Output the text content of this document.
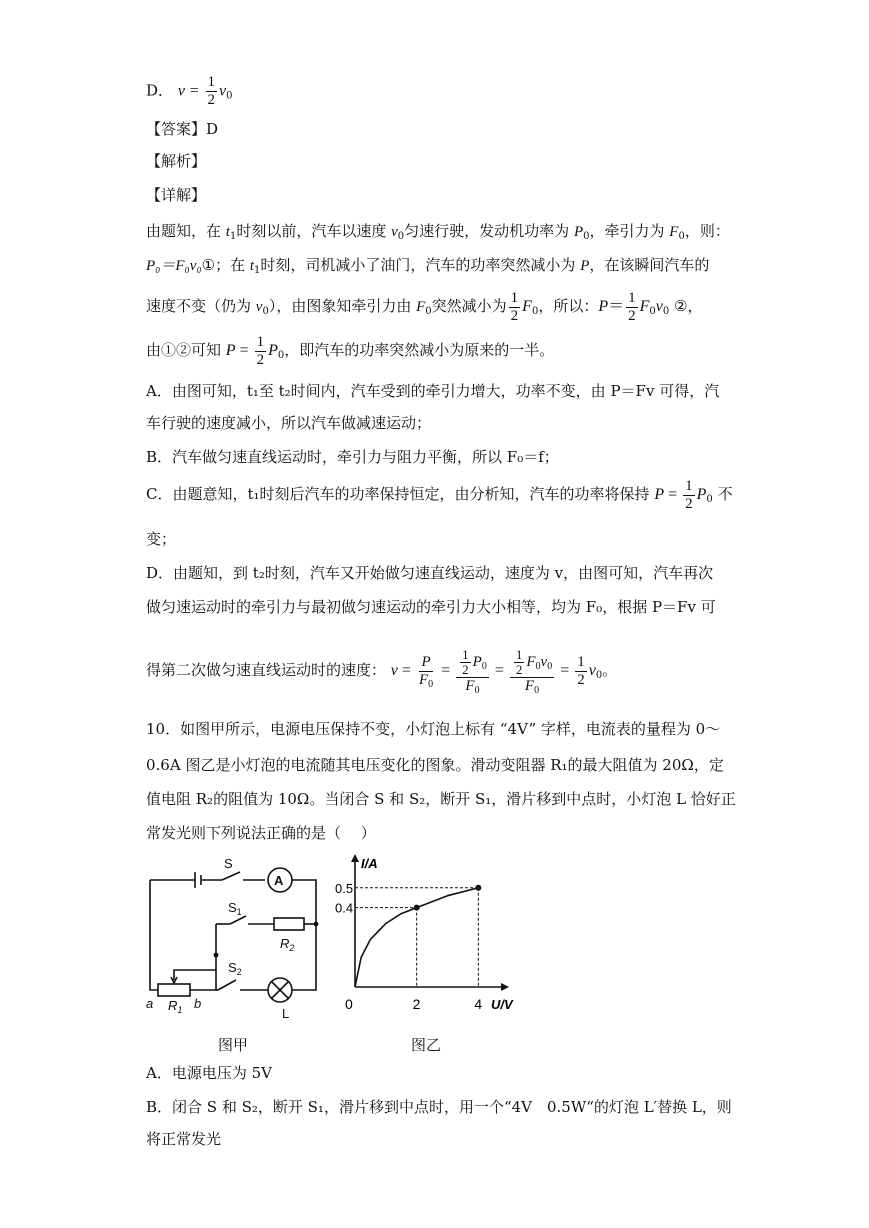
D． $v = \frac{1}{2} v_0$
【答案】D
【解析】
【详解】
由题知，在 $t_1$时刻以前，汽车以速度 $v_0$匀速行驶，发动机功率为 $P_0$，牵引力为 $F_0$，则：
P₀＝F₀v₀①；在 $t_1$时刻，司机减小了油门，汽车的功率突然减小为 P，在该瞬间汽车的
速度不变（仍为 $v_0$），由图象知牵引力由 $F_0$突然减小为 $\frac{1}{2} F_0$，所以：$P= \frac{1}{2} F_0v_0$ ②，
由①②可知 $P = \frac{1}{2} P_0$，即汽车的功率突然减小为原来的一半。
A．由图可知，t₁至 t₂时间内，汽车受到的牵引力增大，功率不变，由 P＝Fv 可得，汽
车行驶的速度减小，所以汽车做减速运动；
B．汽车做匀速直线运动时，牵引力与阻力平衡，所以 F₀＝f；
C．由题意知，t₁时刻后汽车的功率保持恒定，由分析知，汽车的功率将保持 $P = \frac{1}{2} P_0$ 不
变；
D．由题知，到 t₂时刻，汽车又开始做匀速直线运动，速度为 v，由图可知，汽车再次
做匀速运动时的牵引力与最初做匀速运动的牵引力大小相等，均为 F₀，根据 P＝Fv 可
得第二次做匀速直线运动时的速度： $v = \frac{P}{F_0} = \frac{\frac{1}{2} P_0}{F_0} = \frac{\frac{1}{2} F_0v_0}{F_0} = \frac{1}{2} v_0$。
10．如图甲所示，电源电压保持不变，小灯泡上标有 “4V” 字样，电流表的量程为 0～
0.6A 图乙是小灯泡的电流随其电压变化的图象。滑动变阻器 R₁的最大阻值为 20Ω，定
值电阻 R₂的阻值为 10Ω。当闭合 S 和 S₂，断开 S₁，滑片移到中点时，小灯泡 L 恰好正
常发光则下列说法正确的是（　 ）
S
A
$S_1$
$R_2$
$S_2$
a $R_1$ b
L
I/A
U/V
0	2	4
0.4
0.5
图甲	图乙
A．电源电压为 5V
B．闭合 S 和 S₂，断开 S₁，滑片移到中点时，用一个“4V　0.5W“的灯泡 L′替换 L，则
将正常发光
